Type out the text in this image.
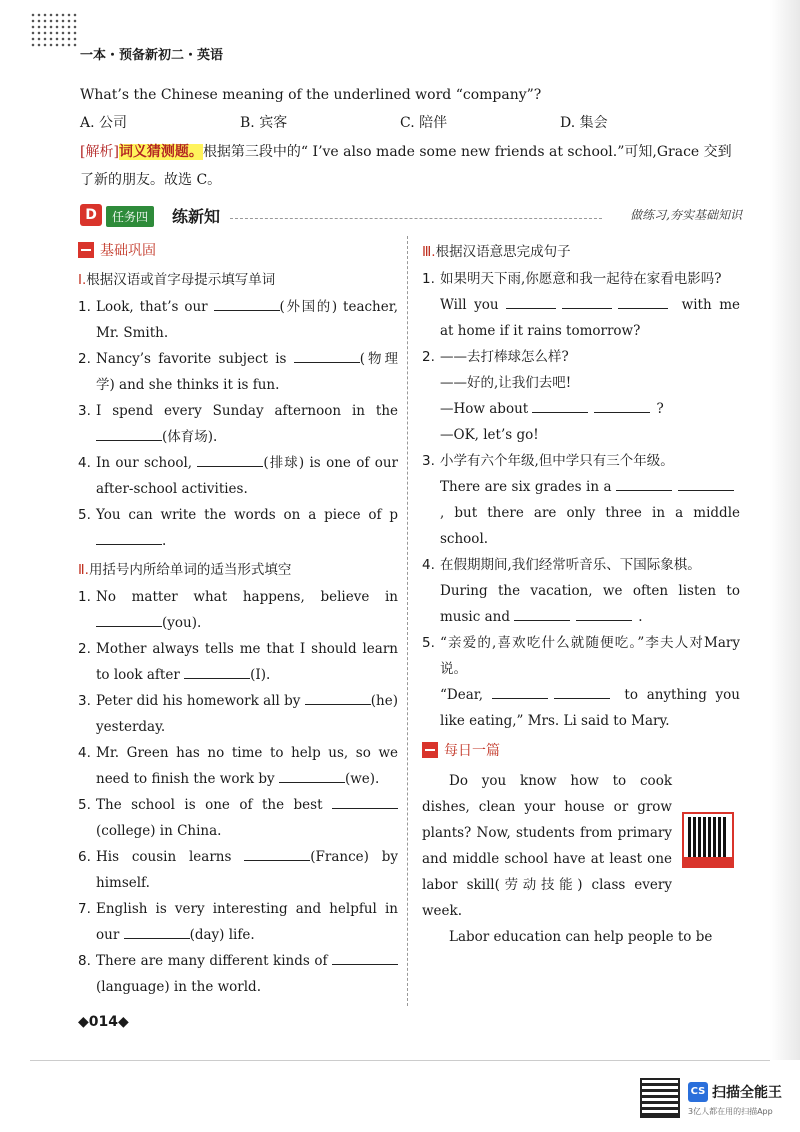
一本・预备新初二・英语
What’s the Chinese meaning of the underlined word “company”?
A. 公司	B. 宾客	C. 陪伴	D. 集会
[解析]词义猜测题。根据第三段中的“ I’ve also made some new friends at school.”可知,Grace 交到了新的朋友。故选 C。
D	任务四	练新知	做练习,夯实基础知识
基础巩固
Ⅰ.根据汉语或首字母提示填写单词
1. Look, that’s our	(外国的) teacher, Mr. Smith.
2. Nancy’s favorite subject is	(物理学) and she thinks it is fun.
3. I spend every Sunday afternoon in the (体育场).
4. In our school,	(排球) is one of our after-school activities.
5. You can write the words on a piece of p.
Ⅱ.用括号内所给单词的适当形式填空
1. No matter what happens, believe in (you).
2. Mother always tells me that I should learn to look after	(I).
3. Peter did his homework all by	(he) yesterday.
4. Mr. Green has no time to help us, so we need to finish the work by	(we).
5. The school is one of the best (college) in China.
6. His cousin learns	(France) by himself.
7. English is very interesting and helpful in our	(day) life.
8. There are many different kinds of (language) in the world.
Ⅲ.根据汉语意思完成句子
1. 如果明天下雨,你愿意和我一起待在家看电影吗?
Will you	with me at home if it rains tomorrow?
2. ——去打棒球怎么样?
——好的,让我们去吧!
—How about	?
—OK, let’s go!
3. 小学有六个年级,但中学只有三个年级。
There are six grades in a , but there are only three in a middle school.
4. 在假期期间,我们经常听音乐、下国际象棋。
During the vacation, we often listen to music and	.
5. “亲爱的,喜欢吃什么就随便吃。”李夫人对Mary说。
“Dear,	to anything you like eating,” Mrs. Li said to Mary.
每日一篇
Do you know how to cook dishes, clean your house or grow plants? Now, students from primary and middle school have at least one labor skill(劳动技能) class every week.
Labor education can help people to be
◆014◆
CS 扫描全能王
3亿人都在用的扫描App
